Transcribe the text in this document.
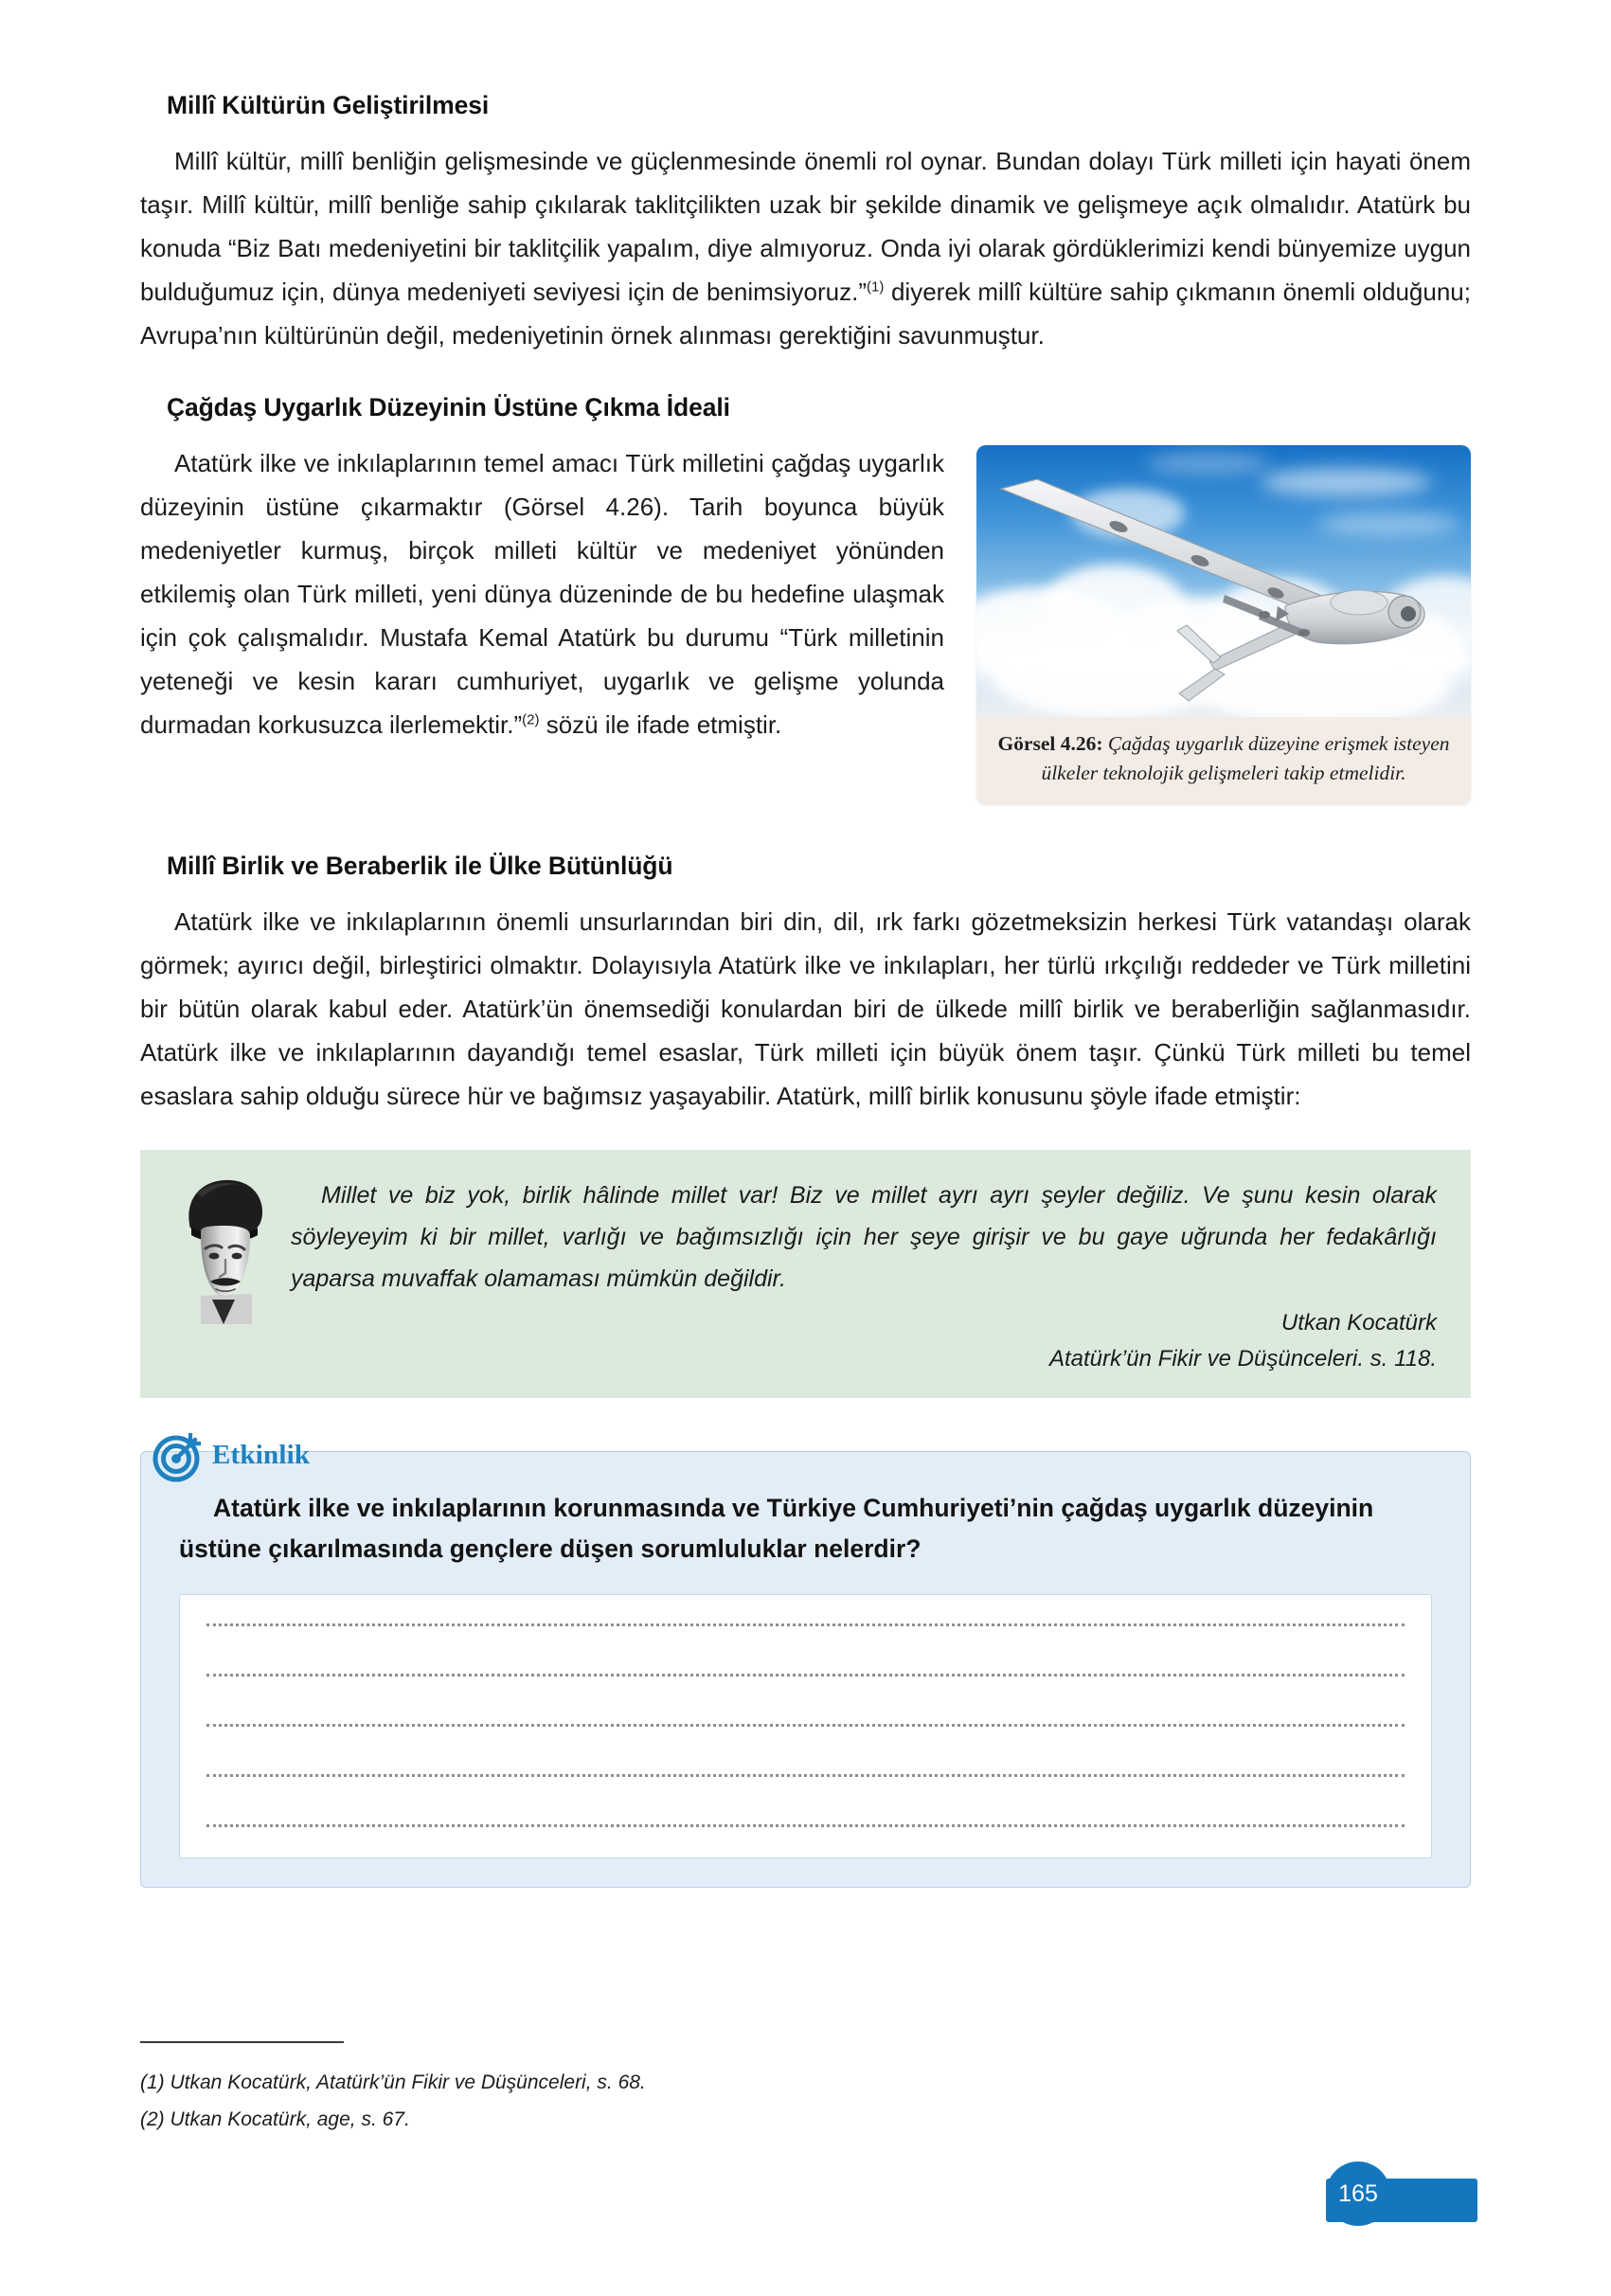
Millî Kültürün Geliştirilmesi

Millî kültür, millî benliğin gelişmesinde ve güçlenmesinde önemli rol oynar. Bundan dolayı Türk milleti için hayati önem taşır. Millî kültür, millî benliğe sahip çıkılarak taklitçilikten uzak bir şekilde dinamik ve gelişmeye açık olmalıdır. Atatürk bu konuda “Biz Batı medeniyetini bir taklitçilik yapalım, diye almıyoruz. Onda iyi olarak gördüklerimizi kendi bünyemize uygun bulduğumuz için, dünya medeniyeti seviyesi için de benimsiyoruz.”$^{(1)}$ diyerek millî kültüre sahip çıkmanın önemli olduğunu; Avrupa’nın kültürünün değil, medeniyetinin örnek alınması gerektiğini savunmuştur.

Çağdaş Uygarlık Düzeyinin Üstüne Çıkma İdeali
Görsel 4.26: Çağdaş uygarlık düzeyine erişmek isteyen ülkeler teknolojik gelişmeleri takip etmelidir.

Atatürk ilke ve inkılaplarının temel amacı Türk milletini çağdaş uygarlık düzeyinin üstüne çıkarmaktır (Görsel 4.26). Tarih boyunca büyük medeniyetler kurmuş, birçok milleti kültür ve medeniyet yönünden etkilemiş olan Türk milleti, yeni dünya düzeninde de bu hedefine ulaşmak için çok çalışmalıdır. Mustafa Kemal Atatürk bu durumu “Türk milletinin yeteneği ve kesin kararı cumhuriyet, uygarlık ve gelişme yolunda durmadan korkusuzca ilerlemektir.”$^{(2)}$ sözü ile ifade etmiştir.

Millî Birlik ve Beraberlik ile Ülke Bütünlüğü

Atatürk ilke ve inkılaplarının önemli unsurlarından biri din, dil, ırk farkı gözetmeksizin herkesi Türk vatandaşı olarak görmek; ayırıcı değil, birleştirici olmaktır. Dolayısıyla Atatürk ilke ve inkılapları, her türlü ırkçılığı reddeder ve Türk milletini bir bütün olarak kabul eder. Atatürk’ün önemsediği konulardan biri de ülkede millî birlik ve beraberliğin sağlanmasıdır. Atatürk ilke ve inkılaplarının dayandığı temel esaslar, Türk milleti için büyük önem taşır. Çünkü Türk milleti bu temel esaslara sahip olduğu sürece hür ve bağımsız yaşayabilir. Atatürk, millî birlik konusunu şöyle ifade etmiştir:

Millet ve biz yok, birlik hâlinde millet var! Biz ve millet ayrı ayrı şeyler değiliz. Ve şunu kesin olarak söyleyeyim ki bir millet, varlığı ve bağımsızlığı için her şeye girişir ve bu gaye uğrunda her fedakârlığı yaparsa muvaffak olamaması mümkün değildir.

Utkan Kocatürk

Atatürk’ün Fikir ve Düşünceleri. s. 118.

Etkinlik

Atatürk ilke ve inkılaplarının korunmasında ve Türkiye Cumhuriyeti’nin çağdaş uygarlık düzeyinin üstüne çıkarılmasında gençlere düşen sorumluluklar nelerdir?

(1) Utkan Kocatürk, Atatürk’ün Fikir ve Düşünceleri, s. 68.

(2) Utkan Kocatürk, age, s. 67.

165
